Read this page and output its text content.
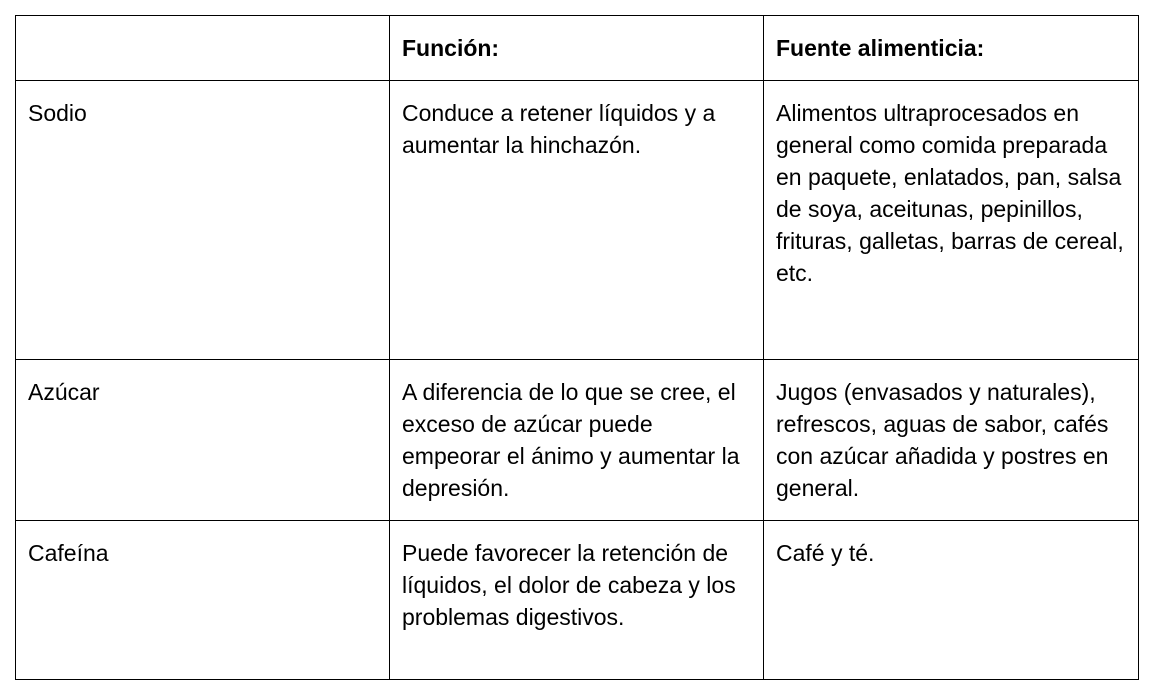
	Función:	Fuente alimenticia:
Sodio	Conduce a retener líquidos y a aumentar la hinchazón.	Alimentos ultraprocesados en general como comida preparada en paquete, enlatados, pan, salsa de soya, aceitunas, pepinillos, frituras, galletas, barras de cereal, etc.
Azúcar	A diferencia de lo que se cree, el exceso de azúcar puede empeorar el ánimo y aumentar la depresión.	Jugos (envasados y naturales), refrescos, aguas de sabor, cafés con azúcar añadida y postres en general.
Cafeína	Puede favorecer la retención de líquidos, el dolor de cabeza y los problemas digestivos.	Café y té.
